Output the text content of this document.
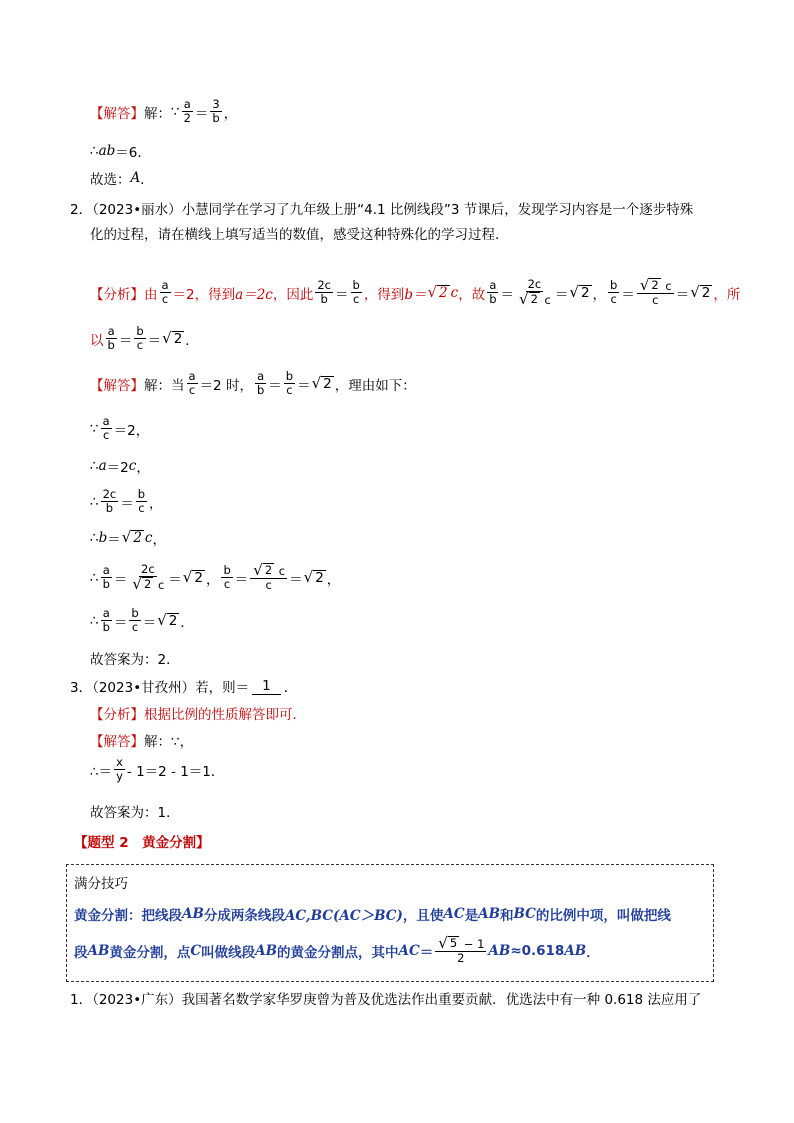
【解答】 解： ∵ a
2 ＝
3
b ，
∴ ab ＝6．
故选： A ．
2．（2023•丽水）小慧同学在学习了九年级上册“4.1 比例线段”3 节课后，发现学习内容是一个逐步特殊
化的过程，请在横线上填写适当的数值，感受这种特殊化的学习过程．
【分析】 由
a
c ＝2，得到 a＝2c ，因此
2c
b ＝
b
c ，得到 b＝ √ 2 c ，故
a
b ＝
2c
√ 2 c ＝ √ 2 ，
b
c ＝
√ 2 c
c ＝ √ 2 ， 所
以
a
b ＝
b
c ＝ √ 2 ．
【解答】 解：当
a
c ＝2 时，
a
b ＝
b
c ＝ √ 2 ，理由如下：
∵ a
c ＝2，
∴ a ＝2 c ，
∴ 2c
b ＝
b
c ，
∴ b ＝ √ 2 c ，
∴ a
b ＝
2c
√ 2 c ＝ √ 2 ，
b
c ＝
√ 2 c
c ＝ √ 2 ，
∴ a
b ＝
b
c ＝ √ 2 ．
故答案为：2．
3．（2023•甘孜州）若，则＝ 1 ．
【分析】 根据比例的性质解答即可．
【解答】 解：∵，
∴＝
x
y - 1＝2 - 1＝1．
故答案为：1．
【题型 2　黄金分割】
满分技巧
黄金分割：把线段 AB 分成两条线段 AC,BC(AC＞BC) ，且使 AC 是 AB 和 BC 的比例中项，叫做把线
段 AB 黄金分割，点 C 叫做线段 AB 的黄金分割点，其中 AC ＝
√ 5 − 1
2 AB ≈0.618 AB ．
1．（2023•广东）我国著名数学家华罗庚曾为普及优选法作出重要贡献．优选法中有一种 0.618 法应用了
